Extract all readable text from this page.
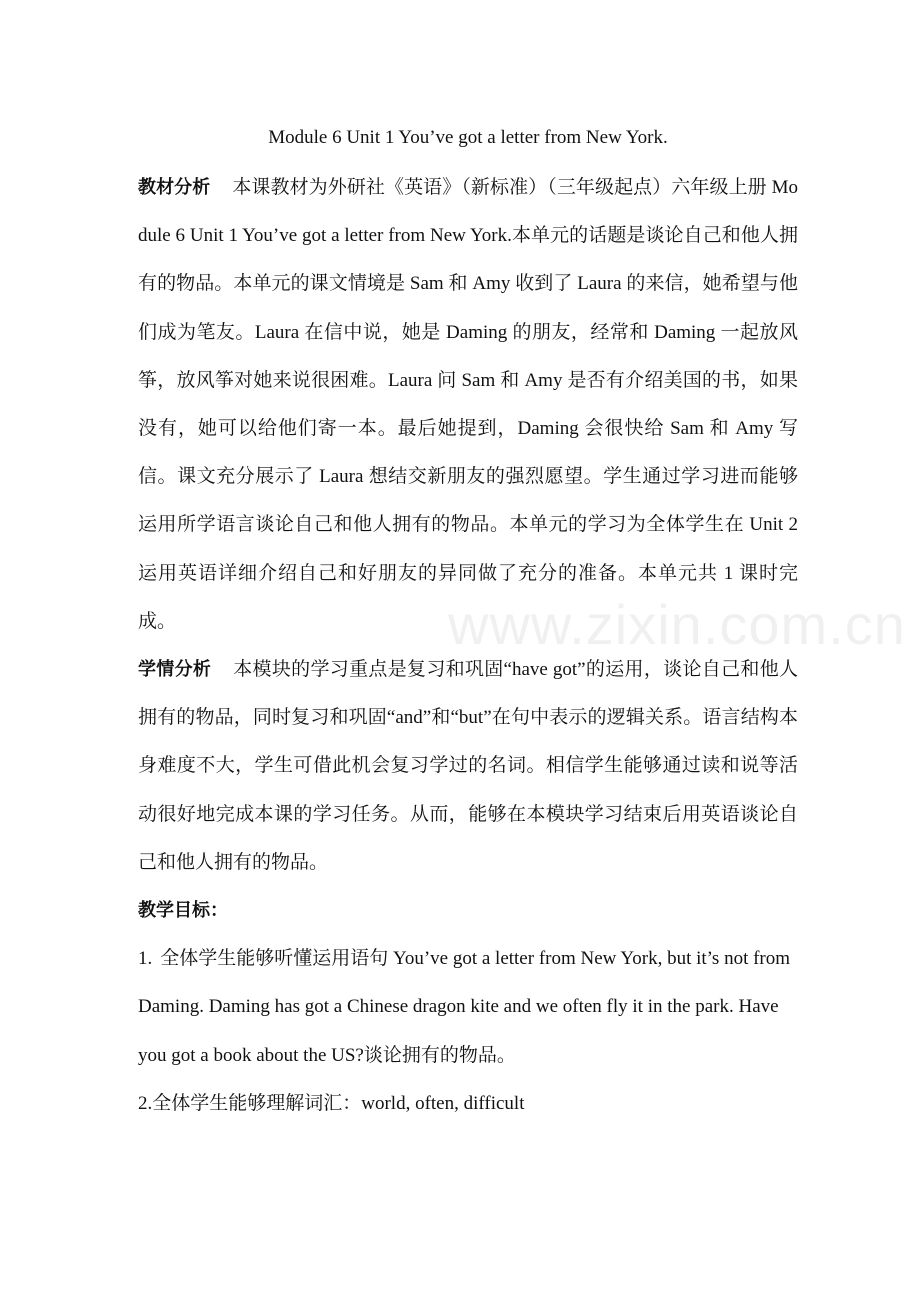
www.zixin.com.cn

Module 6 Unit 1 You’ve got a letter from New York.

教材分析 本课教材为外研社《英语》（新标准）（三年级起点）六年级上册 Module 6 Unit 1 You’ve got a letter from New York.本单元的话题是谈论自己和他人拥有的物品。本单元的课文情境是 Sam 和 Amy 收到了 Laura 的来信，她希望与他们成为笔友。Laura 在信中说，她是 Daming 的朋友，经常和 Daming 一起放风筝，放风筝对她来说很困难。Laura 问 Sam 和 Amy 是否有介绍美国的书，如果没有，她可以给他们寄一本。最后她提到，Daming 会很快给 Sam 和 Amy 写信。课文充分展示了 Laura 想结交新朋友的强烈愿望。学生通过学习进而能够运用所学语言谈论自己和他人拥有的物品。本单元的学习为全体学生在 Unit 2 运用英语详细介绍自己和好朋友的异同做了充分的准备。本单元共 1 课时完成。

学情分析 本模块的学习重点是复习和巩固“have got”的运用，谈论自己和他人拥有的物品，同时复习和巩固“and”和“but”在句中表示的逻辑关系。语言结构本身难度不大，学生可借此机会复习学过的名词。相信学生能够通过读和说等活动很好地完成本课的学习任务。从而，能够在本模块学习结束后用英语谈论自己和他人拥有的物品。

教学目标：

1. 全体学生能够听懂运用语句 You’ve got a letter from New York, but it’s not from Daming. Daming has got a Chinese dragon kite and we often fly it in the park. Have you got a book about the US?谈论拥有的物品。

2.全体学生能够理解词汇：world, often, difficult
